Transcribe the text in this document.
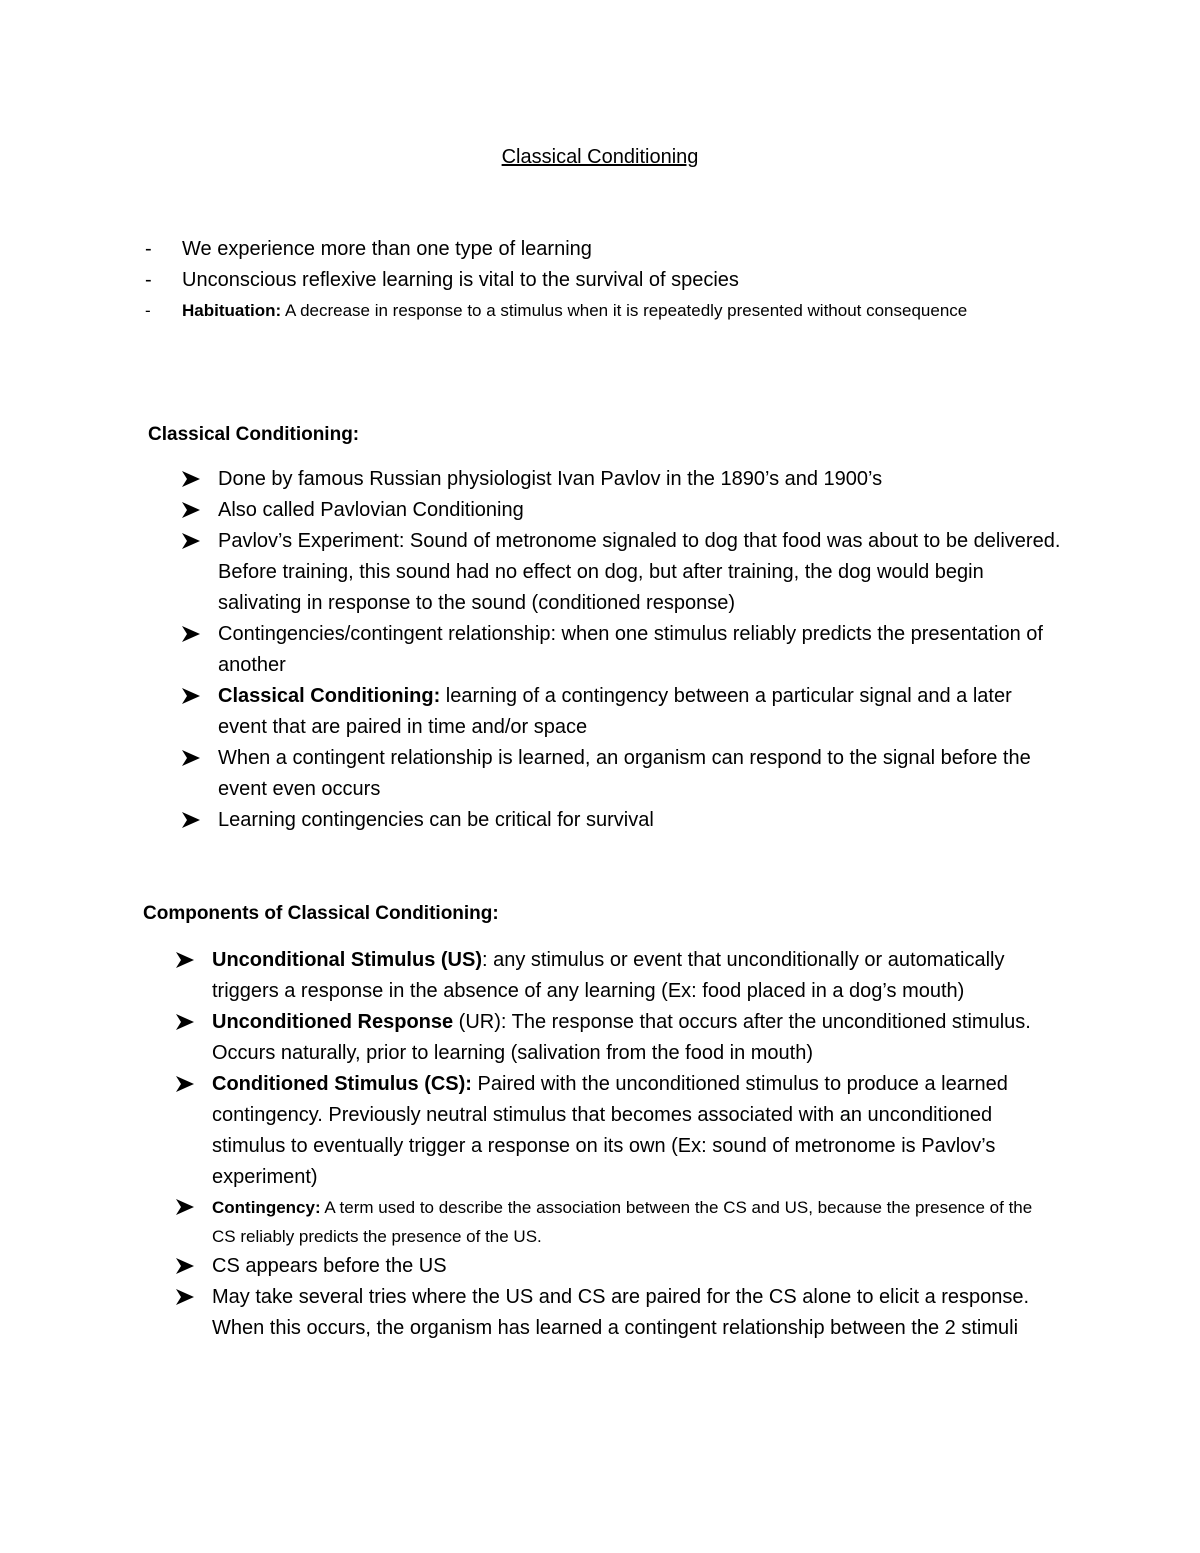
Classical Conditioning
- We experience more than one type of learning
- Unconscious reflexive learning is vital to the survival of species
- Habituation: A decrease in response to a stimulus when it is repeatedly presented without consequence
Classical Conditioning:
Done by famous Russian physiologist Ivan Pavlov in the 1890’s and 1900’s
Also called Pavlovian Conditioning
Pavlov’s Experiment: Sound of metronome signaled to dog that food was about to be delivered. Before training, this sound had no effect on dog, but after training, the dog would begin salivating in response to the sound (conditioned response)
Contingencies/contingent relationship: when one stimulus reliably predicts the presentation of another
Classical Conditioning: learning of a contingency between a particular signal and a later event that are paired in time and/or space
When a contingent relationship is learned, an organism can respond to the signal before the event even occurs
Learning contingencies can be critical for survival
Components of Classical Conditioning:
Unconditional Stimulus (US): any stimulus or event that unconditionally or automatically triggers a response in the absence of any learning (Ex: food placed in a dog’s mouth)
Unconditioned Response (UR): The response that occurs after the unconditioned stimulus. Occurs naturally, prior to learning (salivation from the food in mouth)
Conditioned Stimulus (CS): Paired with the unconditioned stimulus to produce a learned contingency. Previously neutral stimulus that becomes associated with an unconditioned stimulus to eventually trigger a response on its own (Ex: sound of metronome is Pavlov’s experiment)
Contingency: A term used to describe the association between the CS and US, because the presence of the CS reliably predicts the presence of the US.
CS appears before the US
May take several tries where the US and CS are paired for the CS alone to elicit a response. When this occurs, the organism has learned a contingent relationship between the 2 stimuli
